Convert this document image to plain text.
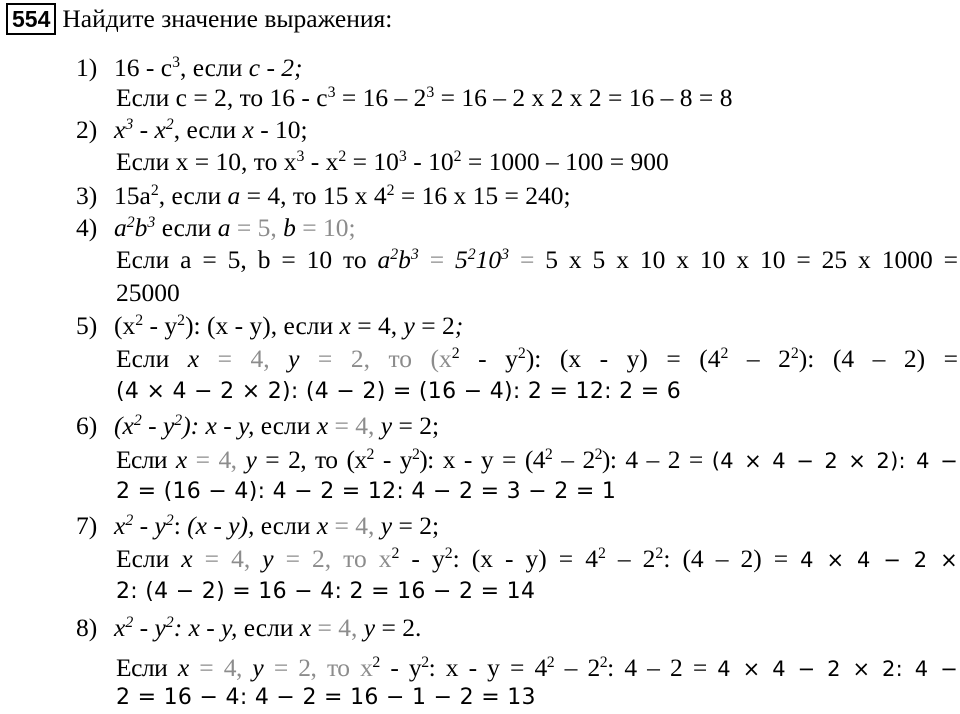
554 Найдите значение выражения:
1) $16 - c^3$, если c - 2;
Если c = 2, то $16 - c^3 = 16 - 2^3 = 16 - 2$ x 2 x 2 = 16 – 8 = 8
2) $x^3 - x^2$, если x - 10;
Если x = 10, то $x^3 - x^2 = 10^3 - 10^2 = 1000 - 100 = 900$
3) $15a^2$, если a = 4, то 15 x $4^2 = 16$ x 15 = 240;
4) $a^2b^3$ если a = 5, b = 10;
Если a = 5, b = 10 то $a^2b^3 = 5^210^3 = 5$ x 5 x 10 x 10 x 10 = 25 x 1000 =
25000
5) $(x^2 - y^2)$: (x - y), если x = 4, y = 2;
Если x = 4, y = 2, то $(x^2 - y^2)$: $(x - y) = (4^2 - 2^2)$: (4 – 2) =
(4 × 4 − 2 × 2): (4 − 2) = (16 − 4): 2 = 12: 2 = 6
6) $(x^2 - y^2)$: x - y, если x = 4, y = 2;
Если x = 4, y = 2, то $(x^2 - y^2)$: $x - y = (4^2 - 2^2)$: 4 – 2 = (4 × 4 − 2 × 2): 4 −
2 = (16 − 4): 4 − 2 = 12: 4 − 2 = 3 − 2 = 1
7) $x^2 - y^2$: (x - y), если x = 4, y = 2;
Если x = 4, y = 2, то $x^2 - y^2$: $(x - y) = 4^2 - 2^2$: (4 – 2) = 4 × 4 − 2 ×
2: (4 − 2) = 16 − 4: 2 = 16 − 2 = 14
8) $x^2 - y^2$: x - y, если x = 4, y = 2.
Если x = 4, y = 2, то $x^2 - y^2$: $x - y = 4^2 - 2^2$: 4 – 2 = 4 × 4 − 2 × 2: 4 −
2 = 16 − 4: 4 − 2 = 16 − 1 − 2 = 13
